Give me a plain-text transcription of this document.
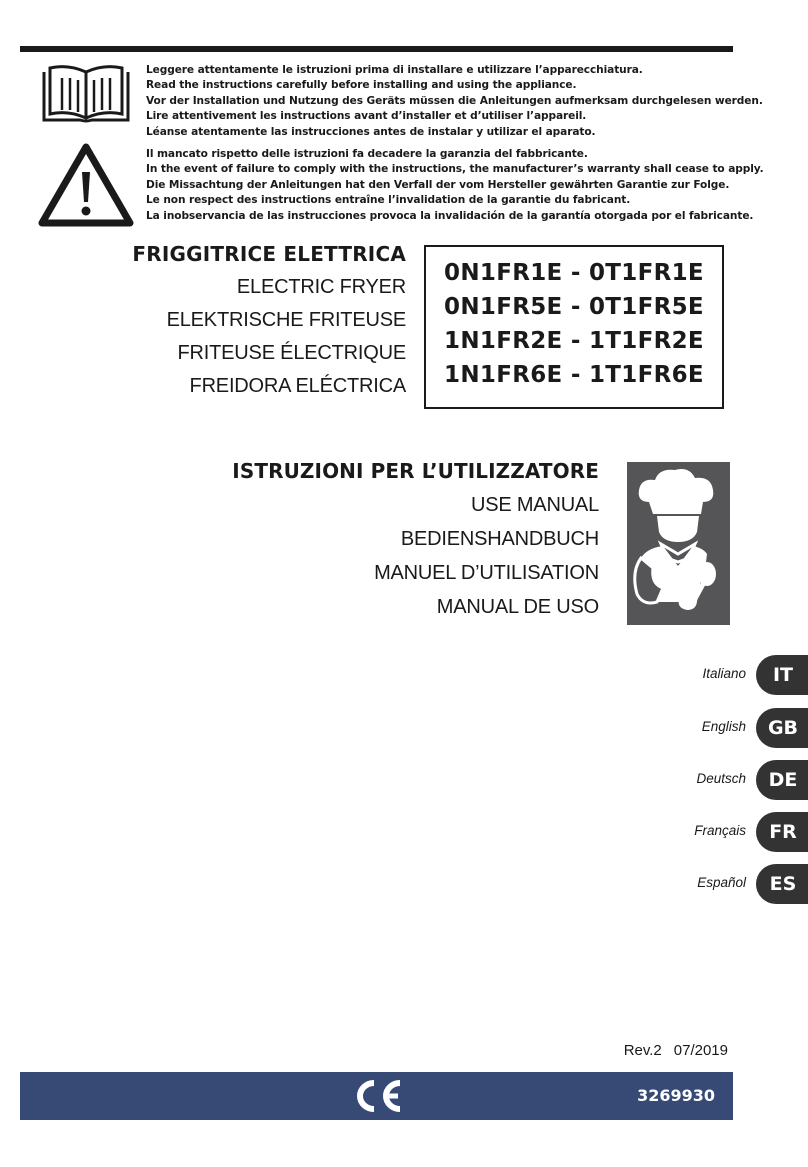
Leggere attentamente le istruzioni prima di installare e utilizzare l’apparecchiatura.
Read the instructions carefully before installing and using the appliance.
Vor der Installation und Nutzung des Geräts müssen die Anleitungen aufmerksam durchgelesen werden.
Lire attentivement les instructions avant d’installer et d’utiliser l’appareil.
Léanse atentamente las instrucciones antes de instalar y utilizar el aparato.
Il mancato rispetto delle istruzioni fa decadere la garanzia del fabbricante.
In the event of failure to comply with the instructions, the manufacturer’s warranty shall cease to apply.
Die Missachtung der Anleitungen hat den Verfall der vom Hersteller gewährten Garantie zur Folge.
Le non respect des instructions entraîne l’invalidation de la garantie du fabricant.
La inobservancia de las instrucciones provoca la invalidación de la garantía otorgada por el fabricante.
FRIGGITRICE ELETTRICA
ELECTRIC FRYER
ELEKTRISCHE FRITEUSE
FRITEUSE ÉLECTRIQUE
FREIDORA ELÉCTRICA
0N1FR1E - 0T1FR1E
0N1FR5E - 0T1FR5E
1N1FR2E - 1T1FR2E
1N1FR6E - 1T1FR6E
ISTRUZIONI PER L’UTILIZZATORE
USE MANUAL
BEDIENSHANDBUCH
MANUEL D’UTILISATION
MANUAL DE USO
Italiano	IT
English	GB
Deutsch	DE
Français	FR
Español	ES
Rev.2 07/2019
3269930
